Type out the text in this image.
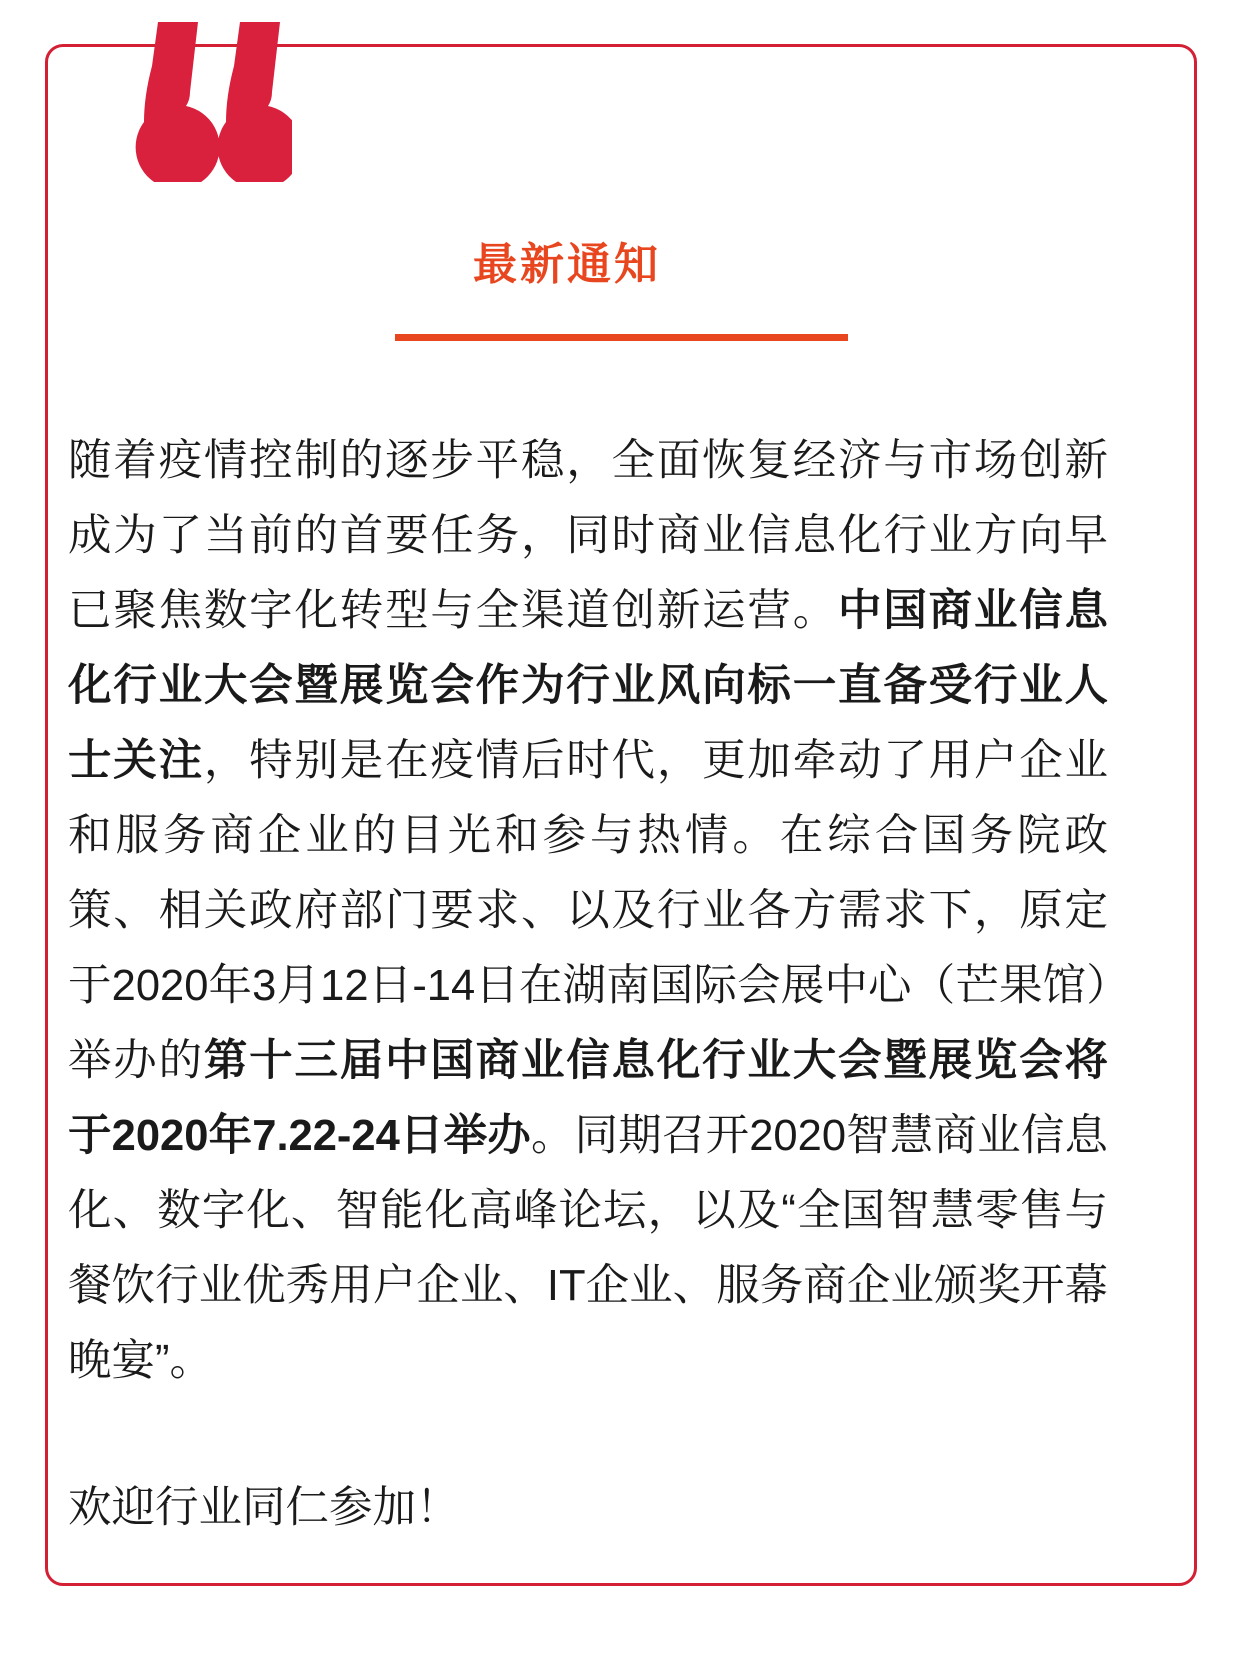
最新通知

随着疫情控制的逐步平稳，全面恢复经济与市场创新成为了当前的首要任务，同时商业信息化行业方向早已聚焦数字化转型与全渠道创新运营。中国商业信息化行业大会暨展览会作为行业风向标一直备受行业人士关注，特别是在疫情后时代，更加牵动了用户企业和服务商企业的目光和参与热情。在综合国务院政策、相关政府部门要求、以及行业各方需求下，原定于2020年3月12日-14日在湖南国际会展中心（芒果馆）举办的第十三届中国商业信息化行业大会暨展览会将于2020年7.22-24日举办。同期召开2020智慧商业信息化、数字化、智能化高峰论坛，以及“全国智慧零售与餐饮行业优秀用户企业、IT企业、服务商企业颁奖开幕晚宴”。

欢迎行业同仁参加！
